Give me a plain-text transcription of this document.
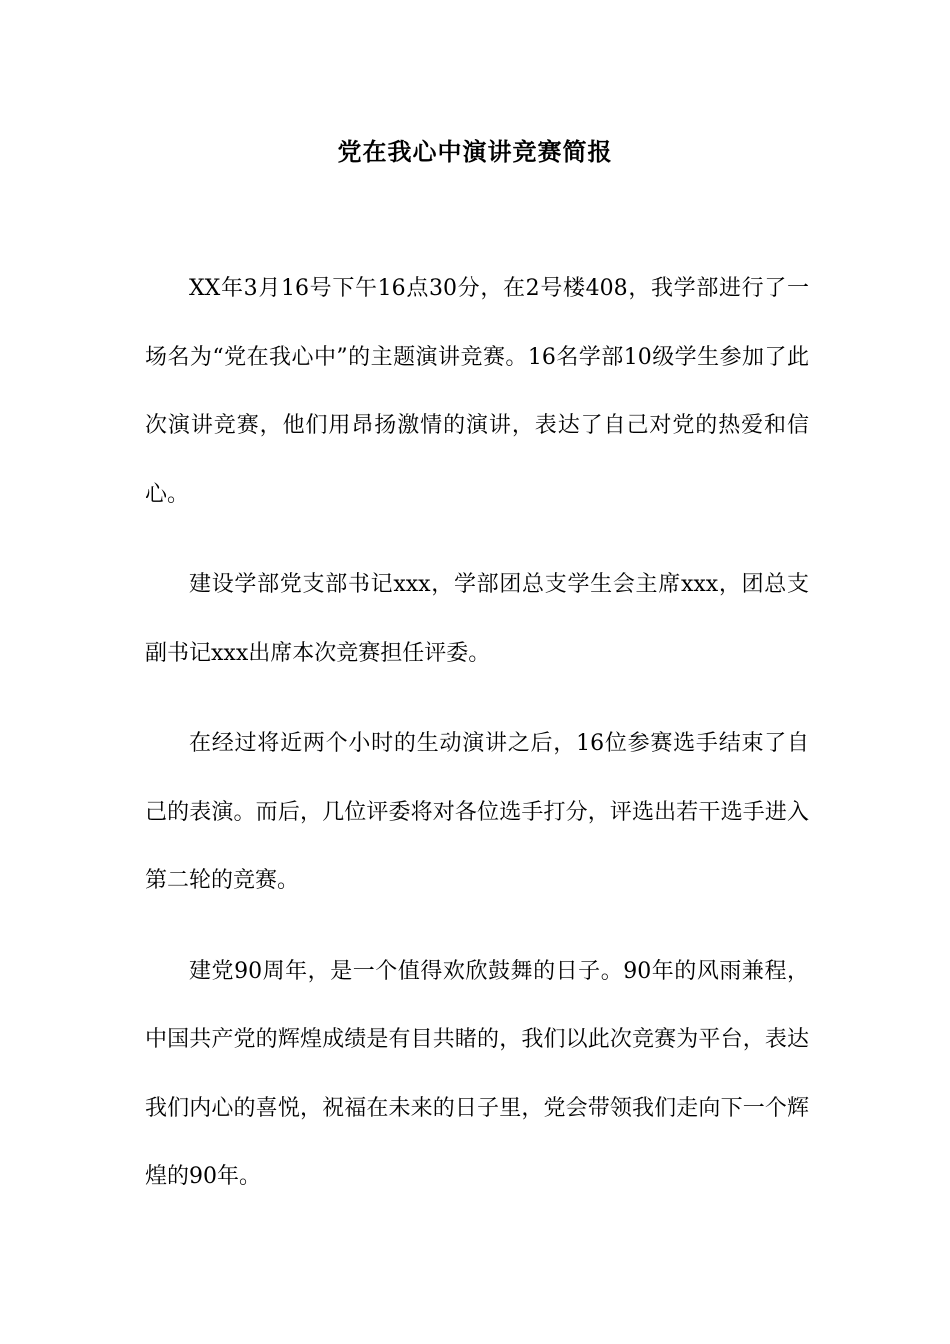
党在我心中演讲竞赛简报

XX年3月16号下午16点30分，在2号楼408，我学部进行了一场名为“党在我心中”的主题演讲竞赛。16名学部10级学生参加了此次演讲竞赛，他们用昂扬激情的演讲，表达了自己对党的热爱和信心。

建设学部党支部书记xxx，学部团总支学生会主席xxx，团总支副书记xxx出席本次竞赛担任评委。

在经过将近两个小时的生动演讲之后，16位参赛选手结束了自己的表演。而后，几位评委将对各位选手打分，评选出若干选手进入第二轮的竞赛。

建党90周年，是一个值得欢欣鼓舞的日子。90年的风雨兼程，中国共产党的辉煌成绩是有目共睹的，我们以此次竞赛为平台，表达我们内心的喜悦，祝福在未来的日子里，党会带领我们走向下一个辉煌的90年。
